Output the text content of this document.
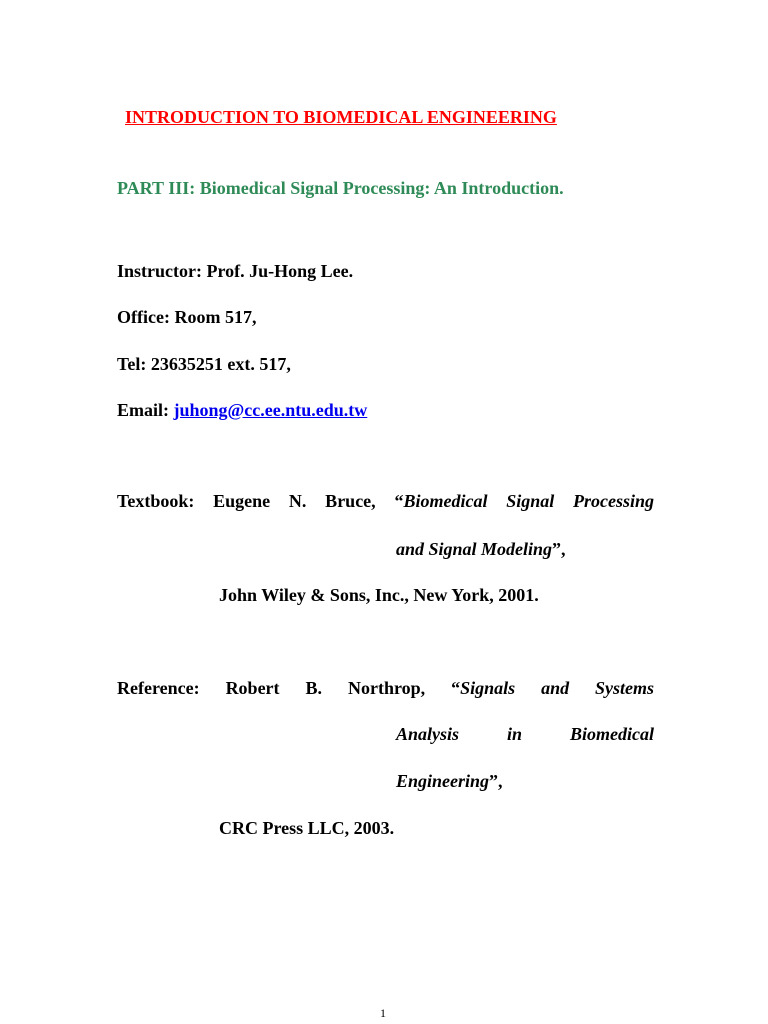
INTRODUCTION TO BIOMEDICAL ENGINEERING
PART III: Biomedical Signal Processing: An Introduction.
Instructor: Prof. Ju-Hong Lee.
Office: Room 517,
Tel: 23635251 ext. 517,
Email: juhong@cc.ee.ntu.edu.tw
Textbook: Eugene N. Bruce, “Biomedical Signal Processing
and Signal Modeling”,
John Wiley & Sons, Inc., New York, 2001.
Reference: Robert B. Northrop, “Signals and Systems
Analysis	in	Biomedical
Engineering”,
CRC Press LLC, 2003.
1
